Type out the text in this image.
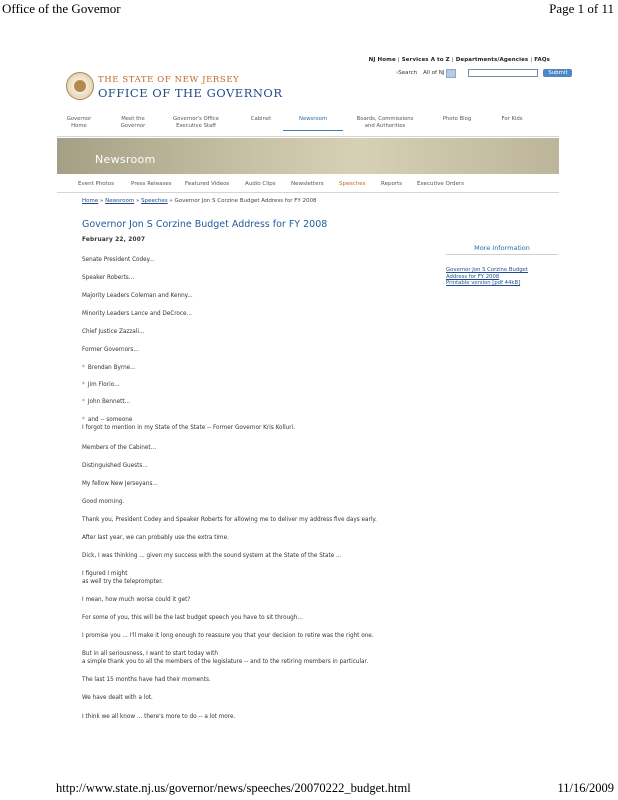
Office of the Govemor	Page 1 of 11
NJ Home | Services A to Z | Departments/Agencies | FAQs
›Search All of NJ	Submit
THE STATE OF NEW JERSEY
OFFICE OF THE GOVERNOR
Governor
Home
Meet the
Governor
Governor's Office
Executive Staff
Cabinet	Newsroom	Boards, Commissions
and Authorities
Photo Blog	For Kids
Newsroom
Event Photos	Press Releases Featured Videos	Audio Clips	Newsletters	Speeches	Reports	Executive Orders
Home » Newsroom » Speeches » Governor Jon S Corzine Budget Address for FY 2008
Governor Jon S Corzine Budget Address for FY 2008
February 22, 2007
Senate President Codey...
Speaker Roberts...
Majority Leaders Coleman and Kenny...
Minority Leaders Lance and DeCroce...
Chief Justice Zazzali...
Former Governors...
* Brendan Byrne...
* Jim Florio...
* John Bennett...
* and -- someone
I forgot to mention in my State of the State -- Former Governor Kris Kolluri.
Members of the Cabinet...
Distinguished Guests...
My fellow New Jerseyans...
Good morning.
Thank you, President Codey and Speaker Roberts for allowing me to deliver my address five days early.
After last year, we can probably use the extra time.
Dick, I was thinking ... given my success with the sound system at the State of the State ...
I figured I might
as well try the teleprompter.
I mean, how much worse could it get?
For some of you, this will be the last budget speech you have to sit through...
I promise you ... I'll make it long enough to reassure you that your decision to retire was the right one.
But in all seriousness, I want to start today with
a simple thank you to all the members of the legislature -- and to the retiring members in particular.
The last 15 months have had their moments.
We have dealt with a lot.
I think we all know ... there's more to do -- a lot more.
More Information
Governor Jon S Corzine Budget
Address for FY 2008
Printable version [pdf 44kB]
http://www.state.nj.us/governor/news/speeches/20070222_budget.html	11/16/2009
